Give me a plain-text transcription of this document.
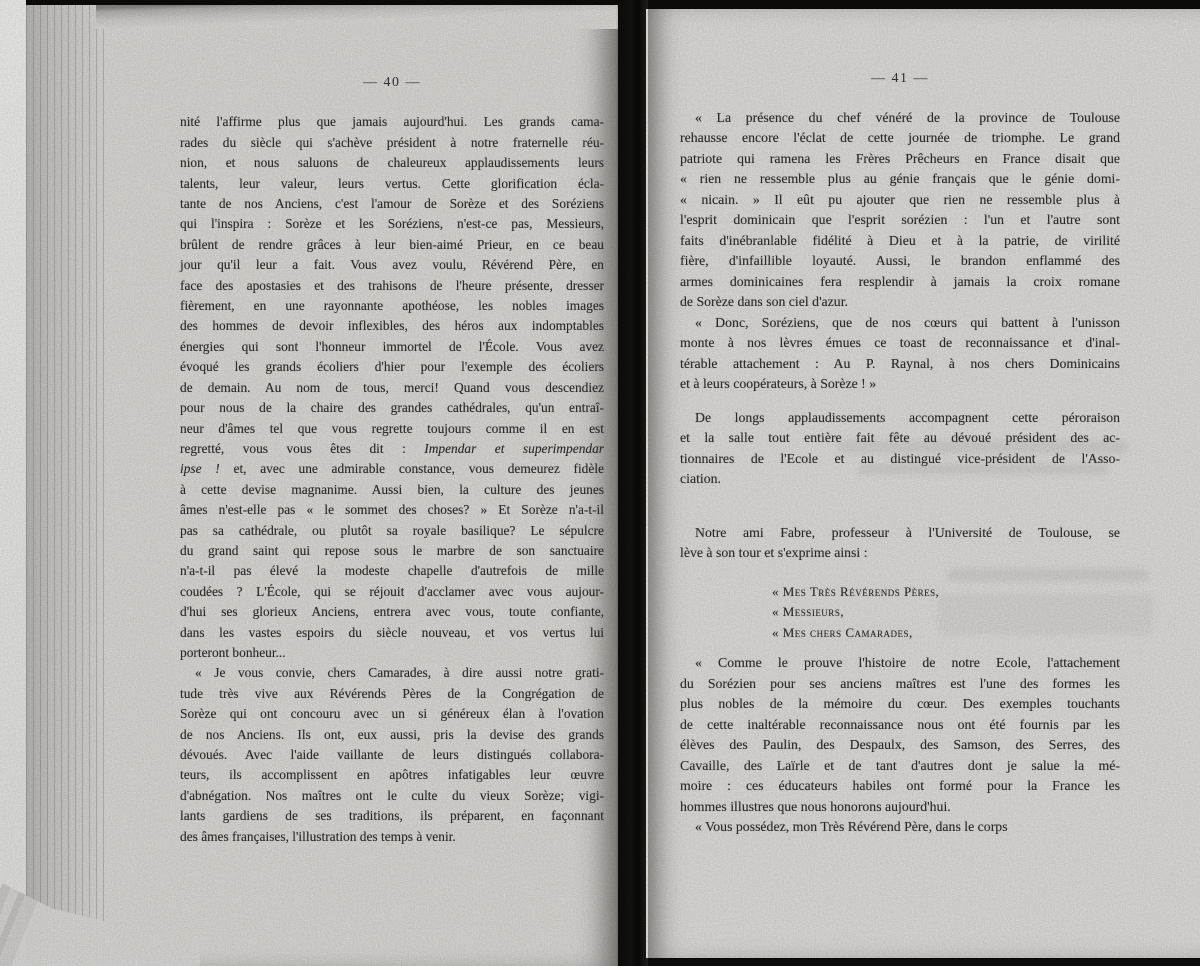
— 40 —
nité l'affirme plus que jamais aujourd'hui. Les grands cama-
rades du siècle qui s'achève président à notre fraternelle réu-
nion, et nous saluons de chaleureux applaudissements leurs
talents, leur valeur, leurs vertus. Cette glorification écla-
tante de nos Anciens, c'est l'amour de Sorèze et des Soréziens
qui l'inspira : Sorèze et les Soréziens, n'est-ce pas, Messieurs,
brûlent de rendre grâces à leur bien-aimé Prieur, en ce beau
jour qu'il leur a fait. Vous avez voulu, Révérend Père, en
face des apostasies et des trahisons de l'heure présente, dresser
fièrement, en une rayonnante apothéose, les nobles images
des hommes de devoir inflexibles, des héros aux indomptables
énergies qui sont l'honneur immortel de l'École. Vous avez
évoqué les grands écoliers d'hier pour l'exemple des écoliers
de demain. Au nom de tous, merci! Quand vous descendiez
pour nous de la chaire des grandes cathédrales, qu'un entraî-
neur d'âmes tel que vous regrette toujours comme il en est
regretté, vous vous êtes dit : Impendar et superimpendar
ipse ! et, avec une admirable constance, vous demeurez fidèle
à cette devise magnanime. Aussi bien, la culture des jeunes
âmes n'est-elle pas « le sommet des choses? » Et Sorèze n'a-t-il
pas sa cathédrale, ou plutôt sa royale basilique? Le sépulcre
du grand saint qui repose sous le marbre de son sanctuaire
n'a-t-il pas élevé la modeste chapelle d'autrefois de mille
coudées ? L'École, qui se réjouit d'acclamer avec vous aujour-
d'hui ses glorieux Anciens, entrera avec vous, toute confiante,
dans les vastes espoirs du siècle nouveau, et vos vertus lui
porteront bonheur...
« Je vous convie, chers Camarades, à dire aussi notre grati-
tude très vive aux Révérends Pères de la Congrégation de
Sorèze qui ont concouru avec un si généreux élan à l'ovation
de nos Anciens. Ils ont, eux aussi, pris la devise des grands
dévoués. Avec l'aide vaillante de leurs distingués collabora-
teurs, ils accomplissent en apôtres infatigables leur œuvre
d'abnégation. Nos maîtres ont le culte du vieux Sorèze; vigi-
lants gardiens de ses traditions, ils préparent, en façonnant
des âmes françaises, l'illustration des temps à venir.
— 41 —
« La présence du chef vénéré de la province de Toulouse
rehausse encore l'éclat de cette journée de triomphe. Le grand
patriote qui ramena les Frères Prêcheurs en France disait que
« rien ne ressemble plus au génie français que le génie domi-
« nicain. » Il eût pu ajouter que rien ne ressemble plus à
l'esprit dominicain que l'esprit sorézien : l'un et l'autre sont
faits d'inébranlable fidélité à Dieu et à la patrie, de virilité
fière, d'infaillible loyauté. Aussi, le brandon enflammé des
armes dominicaines fera resplendir à jamais la croix romane
de Sorèze dans son ciel d'azur.
« Donc, Soréziens, que de nos cœurs qui battent à l'unisson
monte à nos lèvres émues ce toast de reconnaissance et d'inal-
térable attachement : Au P. Raynal, à nos chers Dominicains
et à leurs coopérateurs, à Sorèze ! »
De longs applaudissements accompagnent cette péroraison
et la salle tout entière fait fête au dévoué président des ac-
tionnaires de l'Ecole et au distingué vice-président de l'Asso-
ciation.
Notre ami Fabre, professeur à l'Université de Toulouse, se
lève à son tour et s'exprime ainsi :
« Mes Très Révérends Pères,
« Messieurs,
« Mes chers Camarades,
« Comme le prouve l'histoire de notre Ecole, l'attachement
du Sorézien pour ses anciens maîtres est l'une des formes les
plus nobles de la mémoire du cœur. Des exemples touchants
de cette inaltérable reconnaissance nous ont été fournis par les
élèves des Paulin, des Despaulx, des Samson, des Serres, des
Cavaille, des Laïrle et de tant d'autres dont je salue la mé-
moire : ces éducateurs habiles ont formé pour la France les
hommes illustres que nous honorons aujourd'hui.
« Vous possédez, mon Très Révérend Père, dans le corps
